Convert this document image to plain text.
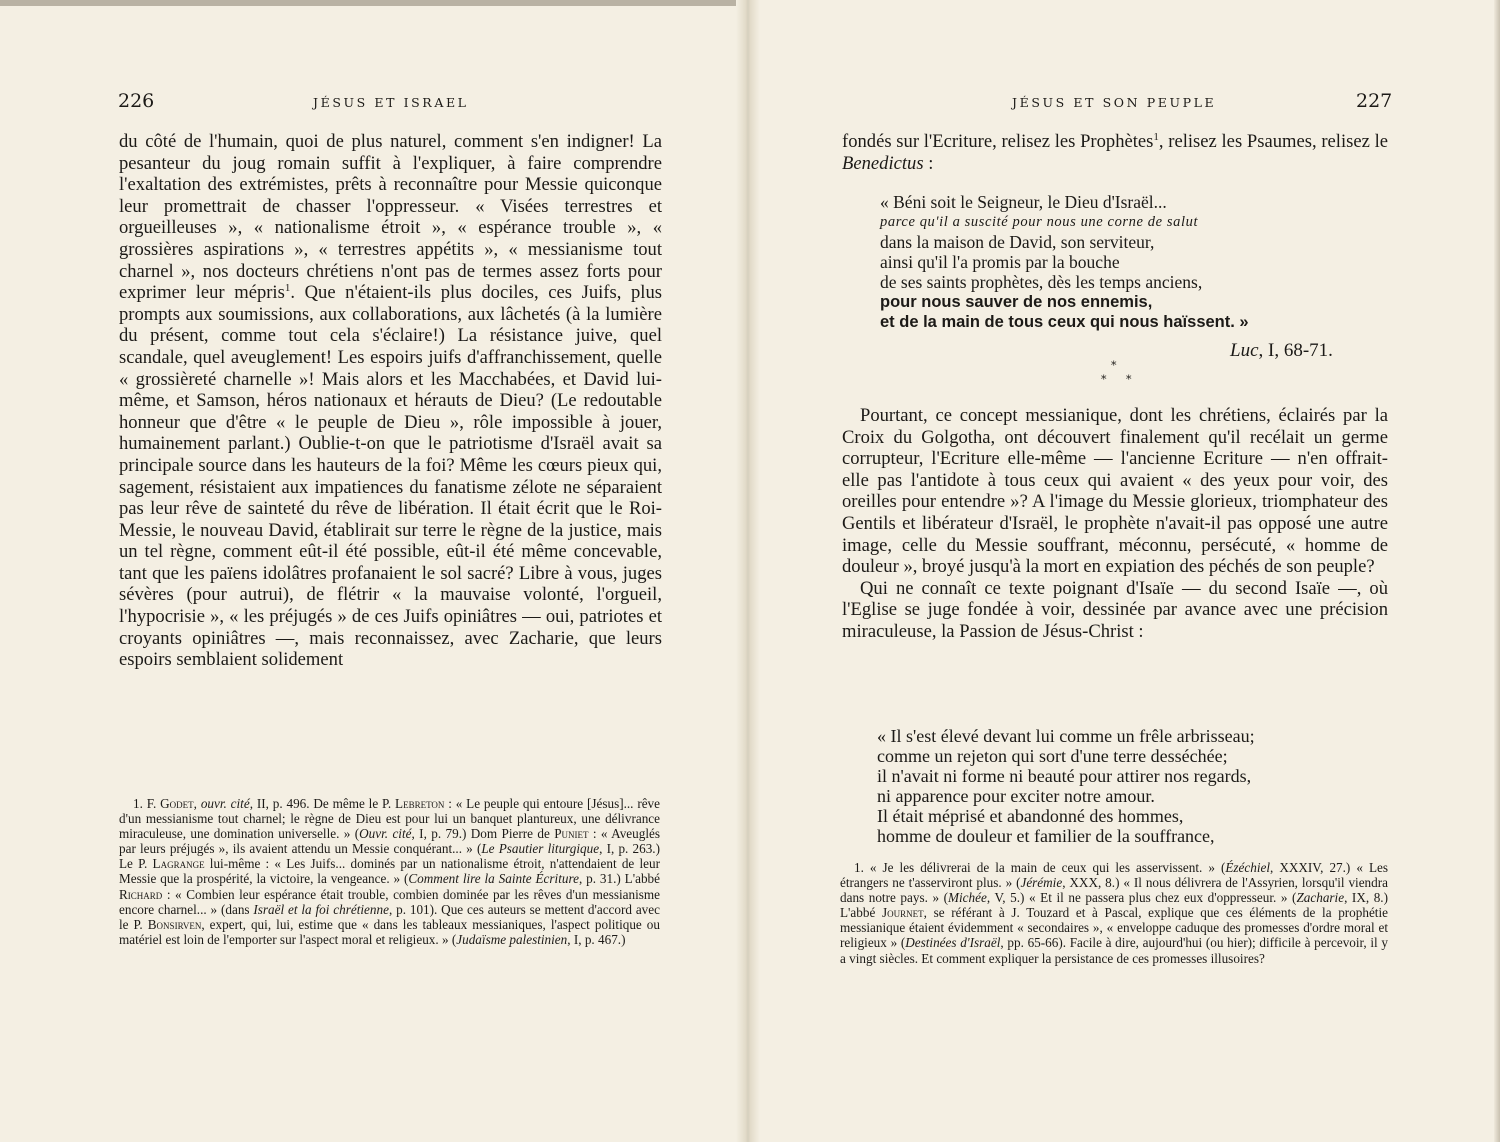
226	JÉSUS ET ISRAEL

du côté de l'humain, quoi de plus naturel, comment s'en indigner! La pesanteur du joug romain suffit à l'expliquer, à faire comprendre l'exaltation des extrémistes, prêts à reconnaître pour Messie quiconque leur promettrait de chasser l'oppresseur. « Visées terrestres et orgueilleuses », « nationalisme étroit », « espérance trouble », « grossières aspirations », « terrestres appétits », « messianisme tout charnel », nos docteurs chrétiens n'ont pas de termes assez forts pour exprimer leur mépris$^1$. Que n'étaient-ils plus dociles, ces Juifs, plus prompts aux soumissions, aux collaborations, aux lâchetés (à la lumière du présent, comme tout cela s'éclaire!) La résistance juive, quel scandale, quel aveuglement! Les espoirs juifs d'affranchissement, quelle « grossièreté charnelle »! Mais alors et les Macchabées, et David lui-même, et Samson, héros nationaux et hérauts de Dieu? (Le redoutable honneur que d'être « le peuple de Dieu », rôle impossible à jouer, humainement parlant.) Oublie-t-on que le patriotisme d'Israël avait sa principale source dans les hauteurs de la foi? Même les cœurs pieux qui, sagement, résistaient aux impatiences du fanatisme zélote ne séparaient pas leur rêve de sainteté du rêve de libération. Il était écrit que le Roi-Messie, le nouveau David, établirait sur terre le règne de la justice, mais un tel règne, comment eût-il été possible, eût-il été même concevable, tant que les païens idolâtres profanaient le sol sacré? Libre à vous, juges sévères (pour autrui), de flétrir « la mauvaise volonté, l'orgueil, l'hypocrisie », « les préjugés » de ces Juifs opiniâtres — oui, patriotes et croyants opiniâtres —, mais reconnaissez, avec Zacharie, que leurs espoirs semblaient solidement

1. F. Godet, ouvr. cité, II, p. 496. De même le P. Lebreton : « Le peuple qui entoure [Jésus]... rêve d'un messianisme tout charnel; le règne de Dieu est pour lui un banquet plantureux, une délivrance miraculeuse, une domination universelle. » (Ouvr. cité, I, p. 79.) Dom Pierre de Puniet : « Aveuglés par leurs préjugés », ils avaient attendu un Messie conquérant... » (Le Psautier liturgique, I, p. 263.) Le P. Lagrange lui-même : « Les Juifs... dominés par un nationalisme étroit, n'attendaient de leur Messie que la prospérité, la victoire, la vengeance. » (Comment lire la Sainte Écriture, p. 31.) L'abbé Richard : « Combien leur espérance était trouble, combien dominée par les rêves d'un messianisme encore charnel... » (dans Israël et la foi chrétienne, p. 101). Que ces auteurs se mettent d'accord avec le P. Bonsirven, expert, qui, lui, estime que « dans les tableaux messianiques, l'aspect politique ou matériel est loin de l'emporter sur l'aspect moral et religieux. » (Judaïsme palestinien, I, p. 467.)

JÉSUS ET SON PEUPLE	227

fondés sur l'Ecriture, relisez les Prophètes$^1$, relisez les Psaumes, relisez le Benedictus :

« Béni soit le Seigneur, le Dieu d'Israël...
parce qu'il a suscité pour nous une corne de salut
dans la maison de David, son serviteur,
ainsi qu'il l'a promis par la bouche
de ses saints prophètes, dès les temps anciens,
pour nous sauver de nos ennemis,
et de la main de tous ceux qui nous haïssent. »
Luc, I, 68-71.
*
* *

Pourtant, ce concept messianique, dont les chrétiens, éclairés par la Croix du Golgotha, ont découvert finalement qu'il recélait un germe corrupteur, l'Ecriture elle-même — l'ancienne Ecriture — n'en offrait-elle pas l'antidote à tous ceux qui avaient « des yeux pour voir, des oreilles pour entendre »? A l'image du Messie glorieux, triomphateur des Gentils et libérateur d'Israël, le prophète n'avait-il pas opposé une autre image, celle du Messie souffrant, méconnu, persécuté, « homme de douleur », broyé jusqu'à la mort en expiation des péchés de son peuple?

Qui ne connaît ce texte poignant d'Isaïe — du second Isaïe —, où l'Eglise se juge fondée à voir, dessinée par avance avec une précision miraculeuse, la Passion de Jésus-Christ :

« Il s'est élevé devant lui comme un frêle arbrisseau;
comme un rejeton qui sort d'une terre desséchée;
il n'avait ni forme ni beauté pour attirer nos regards,
ni apparence pour exciter notre amour.
Il était méprisé et abandonné des hommes,
homme de douleur et familier de la souffrance,

1. « Je les délivrerai de la main de ceux qui les asservissent. » (Ézéchiel, XXXIV, 27.) « Les étrangers ne t'asserviront plus. » (Jérémie, XXX, 8.) « Il nous délivrera de l'Assyrien, lorsqu'il viendra dans notre pays. » (Michée, V, 5.) « Et il ne passera plus chez eux d'oppresseur. » (Zacharie, IX, 8.) L'abbé Journet, se référant à J. Touzard et à Pascal, explique que ces éléments de la prophétie messianique étaient évidemment « secondaires », « enveloppe caduque des promesses d'ordre moral et religieux » (Destinées d'Israël, pp. 65-66). Facile à dire, aujourd'hui (ou hier); difficile à percevoir, il y a vingt siècles. Et comment expliquer la persistance de ces promesses illusoires?
